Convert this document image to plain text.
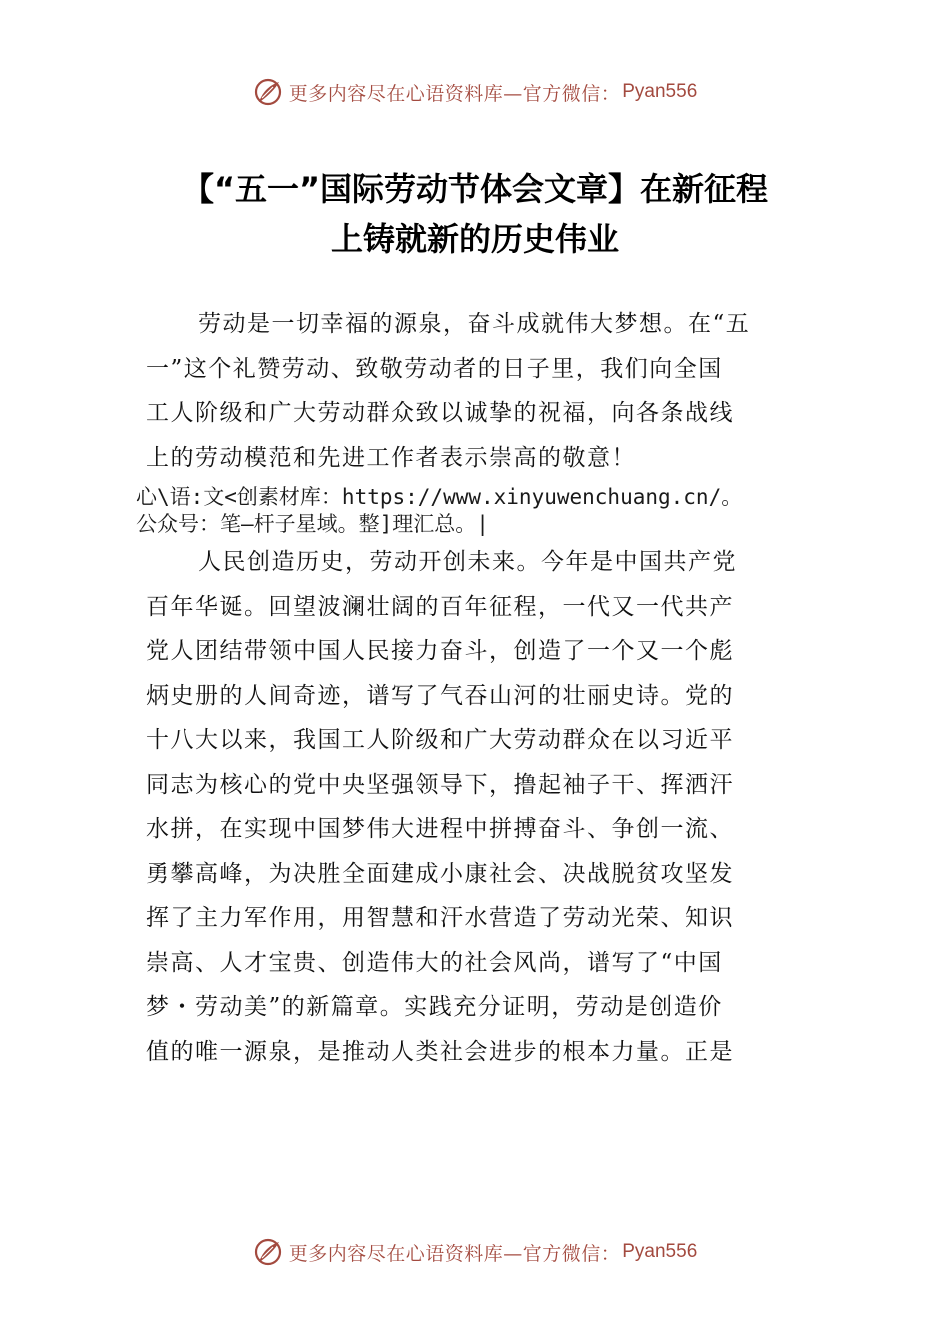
更多内容尽在心语资料库—官方微信： Pyan556
【“五一”国际劳动节体会文章】在新征程
上铸就新的历史伟业
劳动是一切幸福的源泉，奋斗成就伟大梦想。在“五
一”这个礼赞劳动、致敬劳动者的日子里，我们向全国
工人阶级和广大劳动群众致以诚挚的祝福，向各条战线
上的劳动模范和先进工作者表示崇高的敬意！
心\语:文<创素材库：https://www.xinyuwenchuang.cn/。
公众号：笔—杆子星域。整]理汇总。|
人民创造历史，劳动开创未来。今年是中国共产党
百年华诞。回望波澜壮阔的百年征程，一代又一代共产
党人团结带领中国人民接力奋斗，创造了一个又一个彪
炳史册的人间奇迹，谱写了气吞山河的壮丽史诗。党的
十八大以来，我国工人阶级和广大劳动群众在以习近平
同志为核心的党中央坚强领导下，撸起袖子干、挥洒汗
水拼，在实现中国梦伟大进程中拼搏奋斗、争创一流、
勇攀高峰，为决胜全面建成小康社会、决战脱贫攻坚发
挥了主力军作用，用智慧和汗水营造了劳动光荣、知识
崇高、人才宝贵、创造伟大的社会风尚，谱写了“中国
梦・劳动美”的新篇章。实践充分证明，劳动是创造价
值的唯一源泉，是推动人类社会进步的根本力量。正是
更多内容尽在心语资料库—官方微信： Pyan556
